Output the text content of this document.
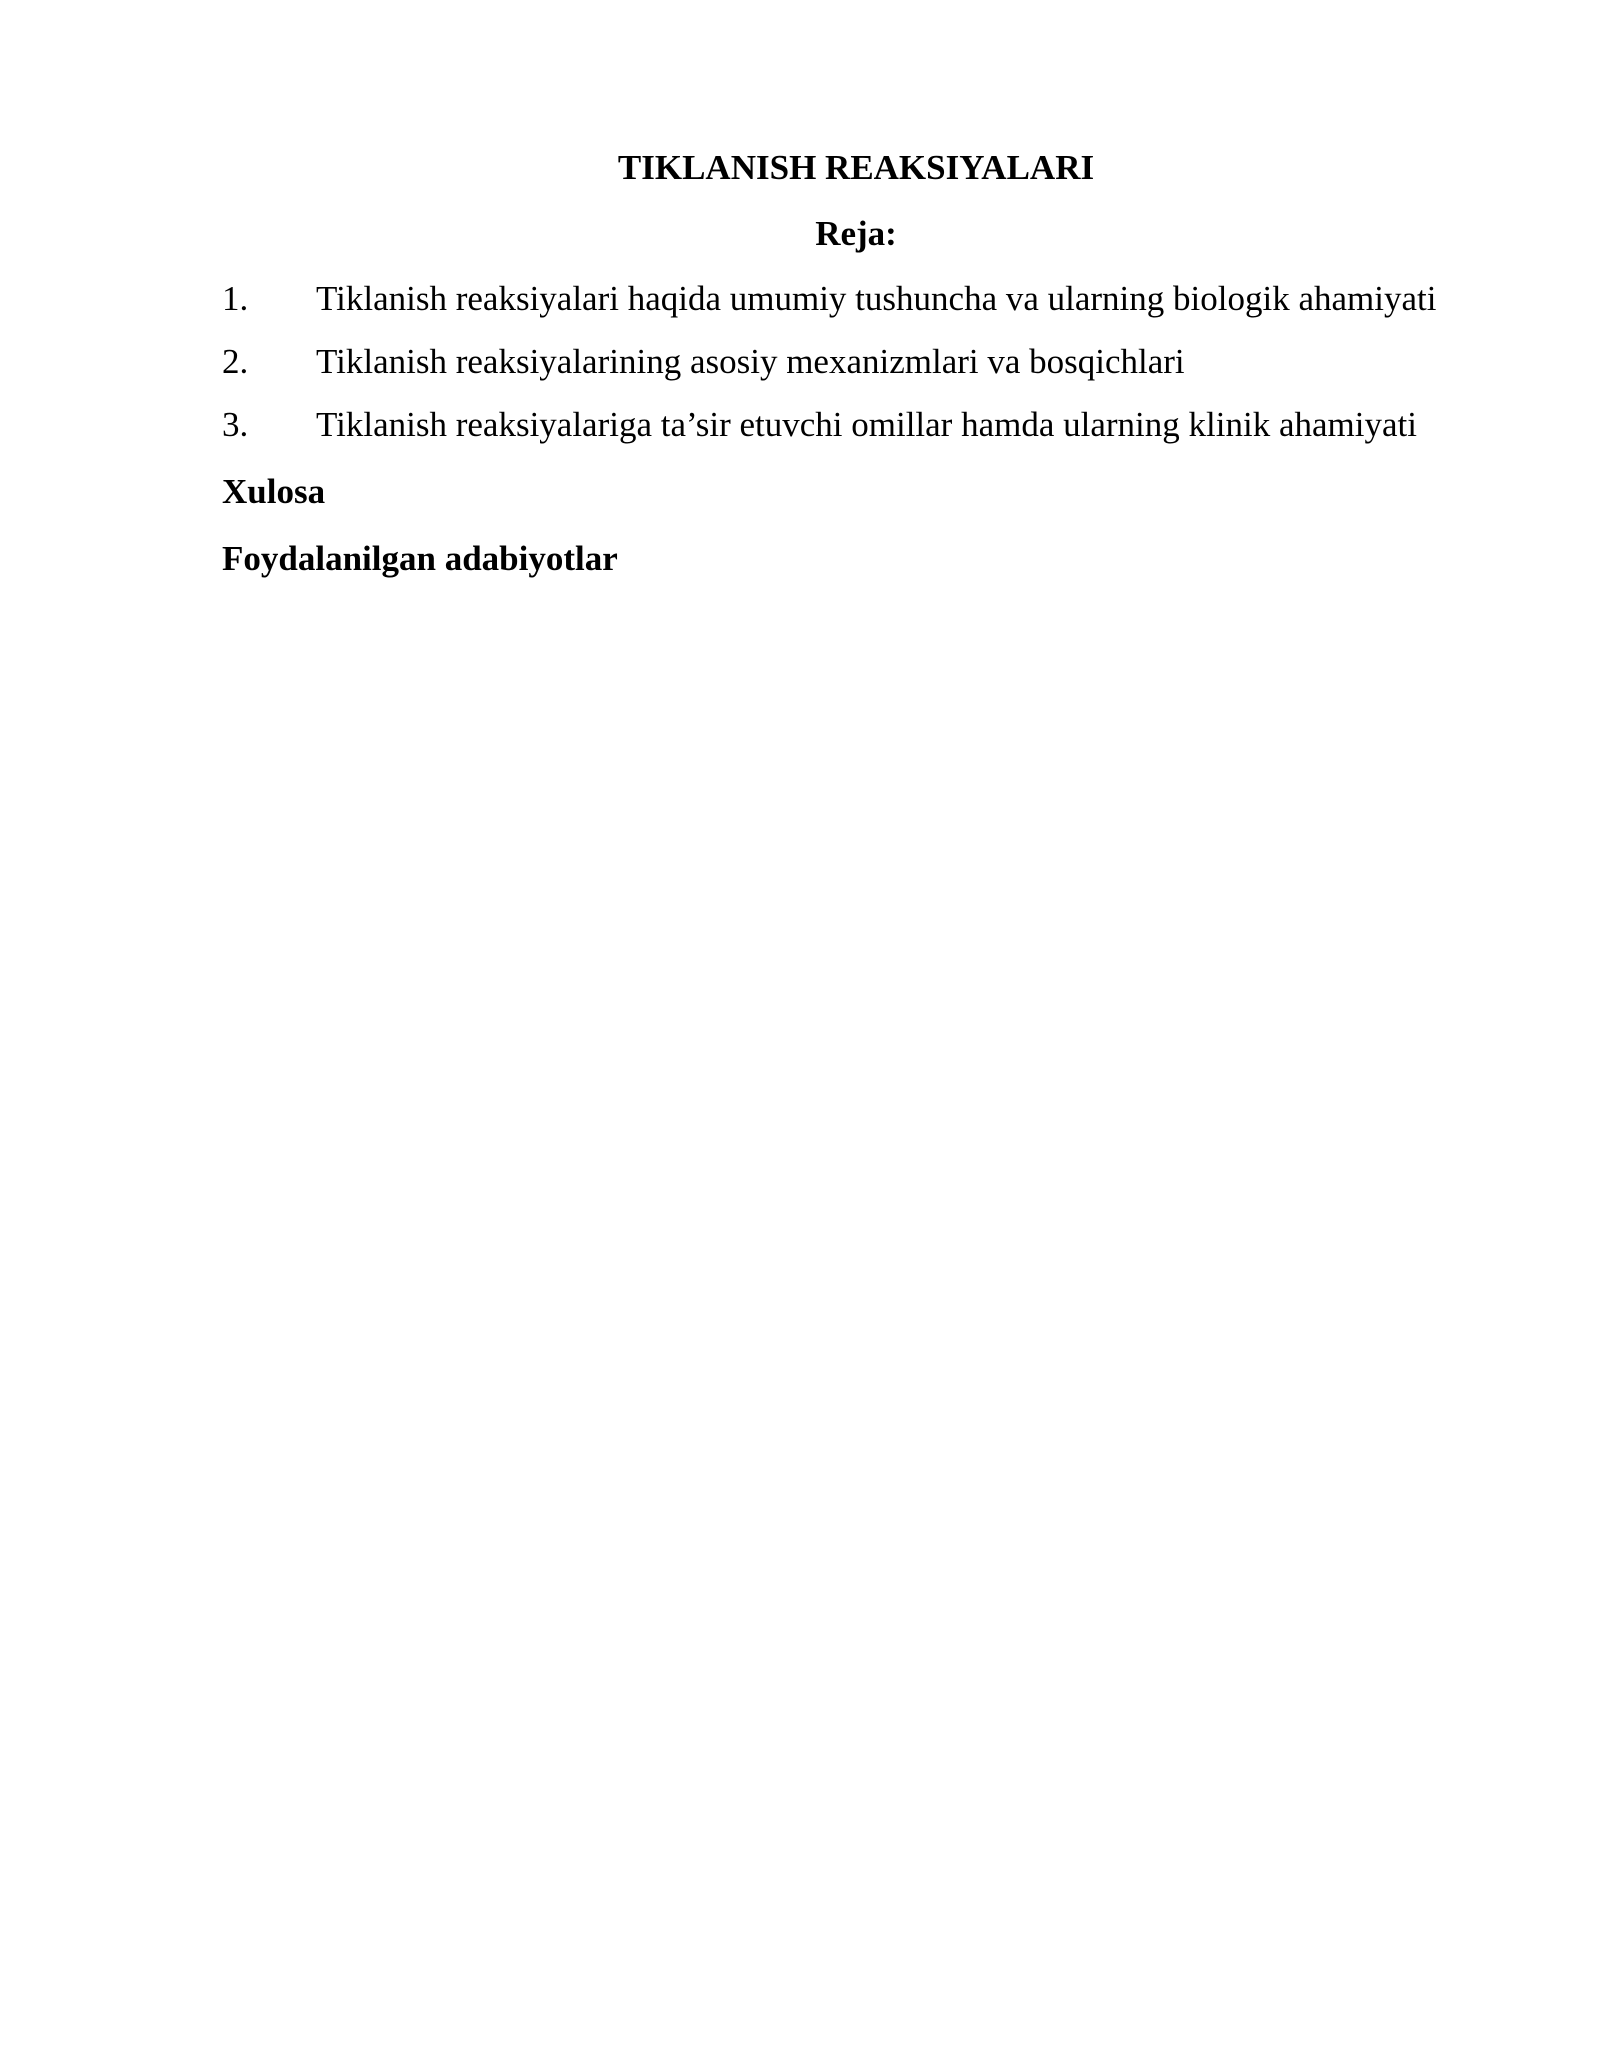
TIKLANISH REAKSIYALARI
Reja:
1.	Tiklanish reaksiyalari haqida umumiy tushuncha va ularning biologik ahamiyati
2.	Tiklanish reaksiyalarining asosiy mexanizmlari va bosqichlari
3.	Tiklanish reaksiyalariga ta’sir etuvchi omillar hamda ularning klinik ahamiyati
Xulosa
Foydalanilgan adabiyotlar
